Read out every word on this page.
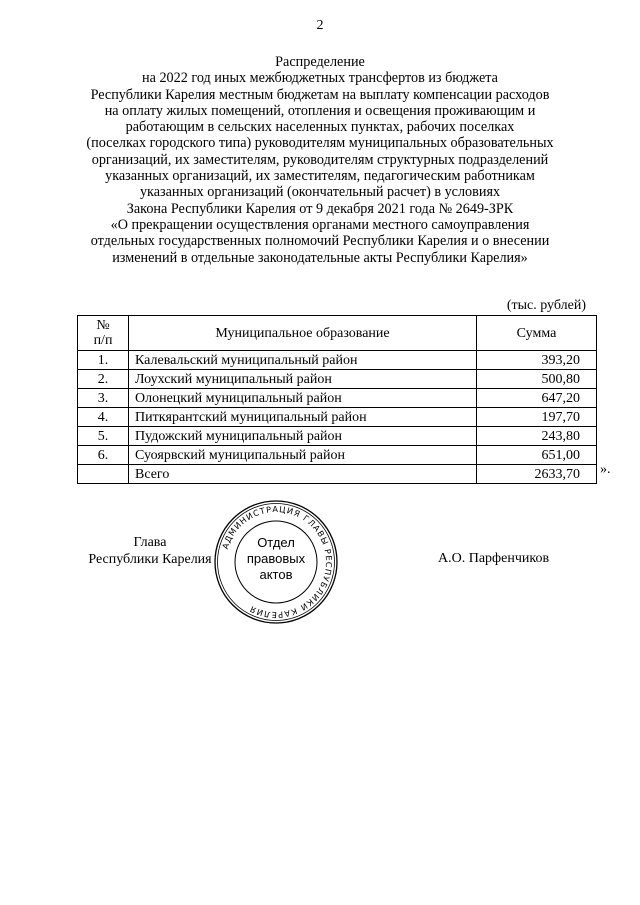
2
Распределение
на 2022 год иных межбюджетных трансфертов из бюджета
Республики Карелия местным бюджетам на выплату компенсации расходов
на оплату жилых помещений, отопления и освещения проживающим и
работающим в сельских населенных пунктах, рабочих поселках
(поселках городского типа) руководителям муниципальных образовательных
организаций, их заместителям, руководителям структурных подразделений
указанных организаций, их заместителям, педагогическим работникам
указанных организаций (окончательный расчет) в условиях
Закона Республики Карелия от 9 декабря 2021 года № 2649-ЗРК
«О прекращении осуществления органами местного самоуправления
отдельных государственных полномочий Республики Карелия и о внесении
изменений в отдельные законодательные акты Республики Карелия»
(тыс. рублей)
№
п/п	Муниципальное образование	Сумма
1.	Калевальский муниципальный район	393,20
2.	Лоухский муниципальный район	500,80
3.	Олонецкий муниципальный район	647,20
4.	Питкярантский муниципальный район	197,70
5.	Пудожский муниципальный район	243,80
6.	Суоярвский муниципальный район	651,00
	Всего	2633,70 ».
Глава
Республики Карелия	А.О. Парфенчиков
АДМИНИСТРАЦИЯ ГЛАВЫ РЕСПУБЛИКИ КАРЕЛИЯ
Отдел
правовых
актов
